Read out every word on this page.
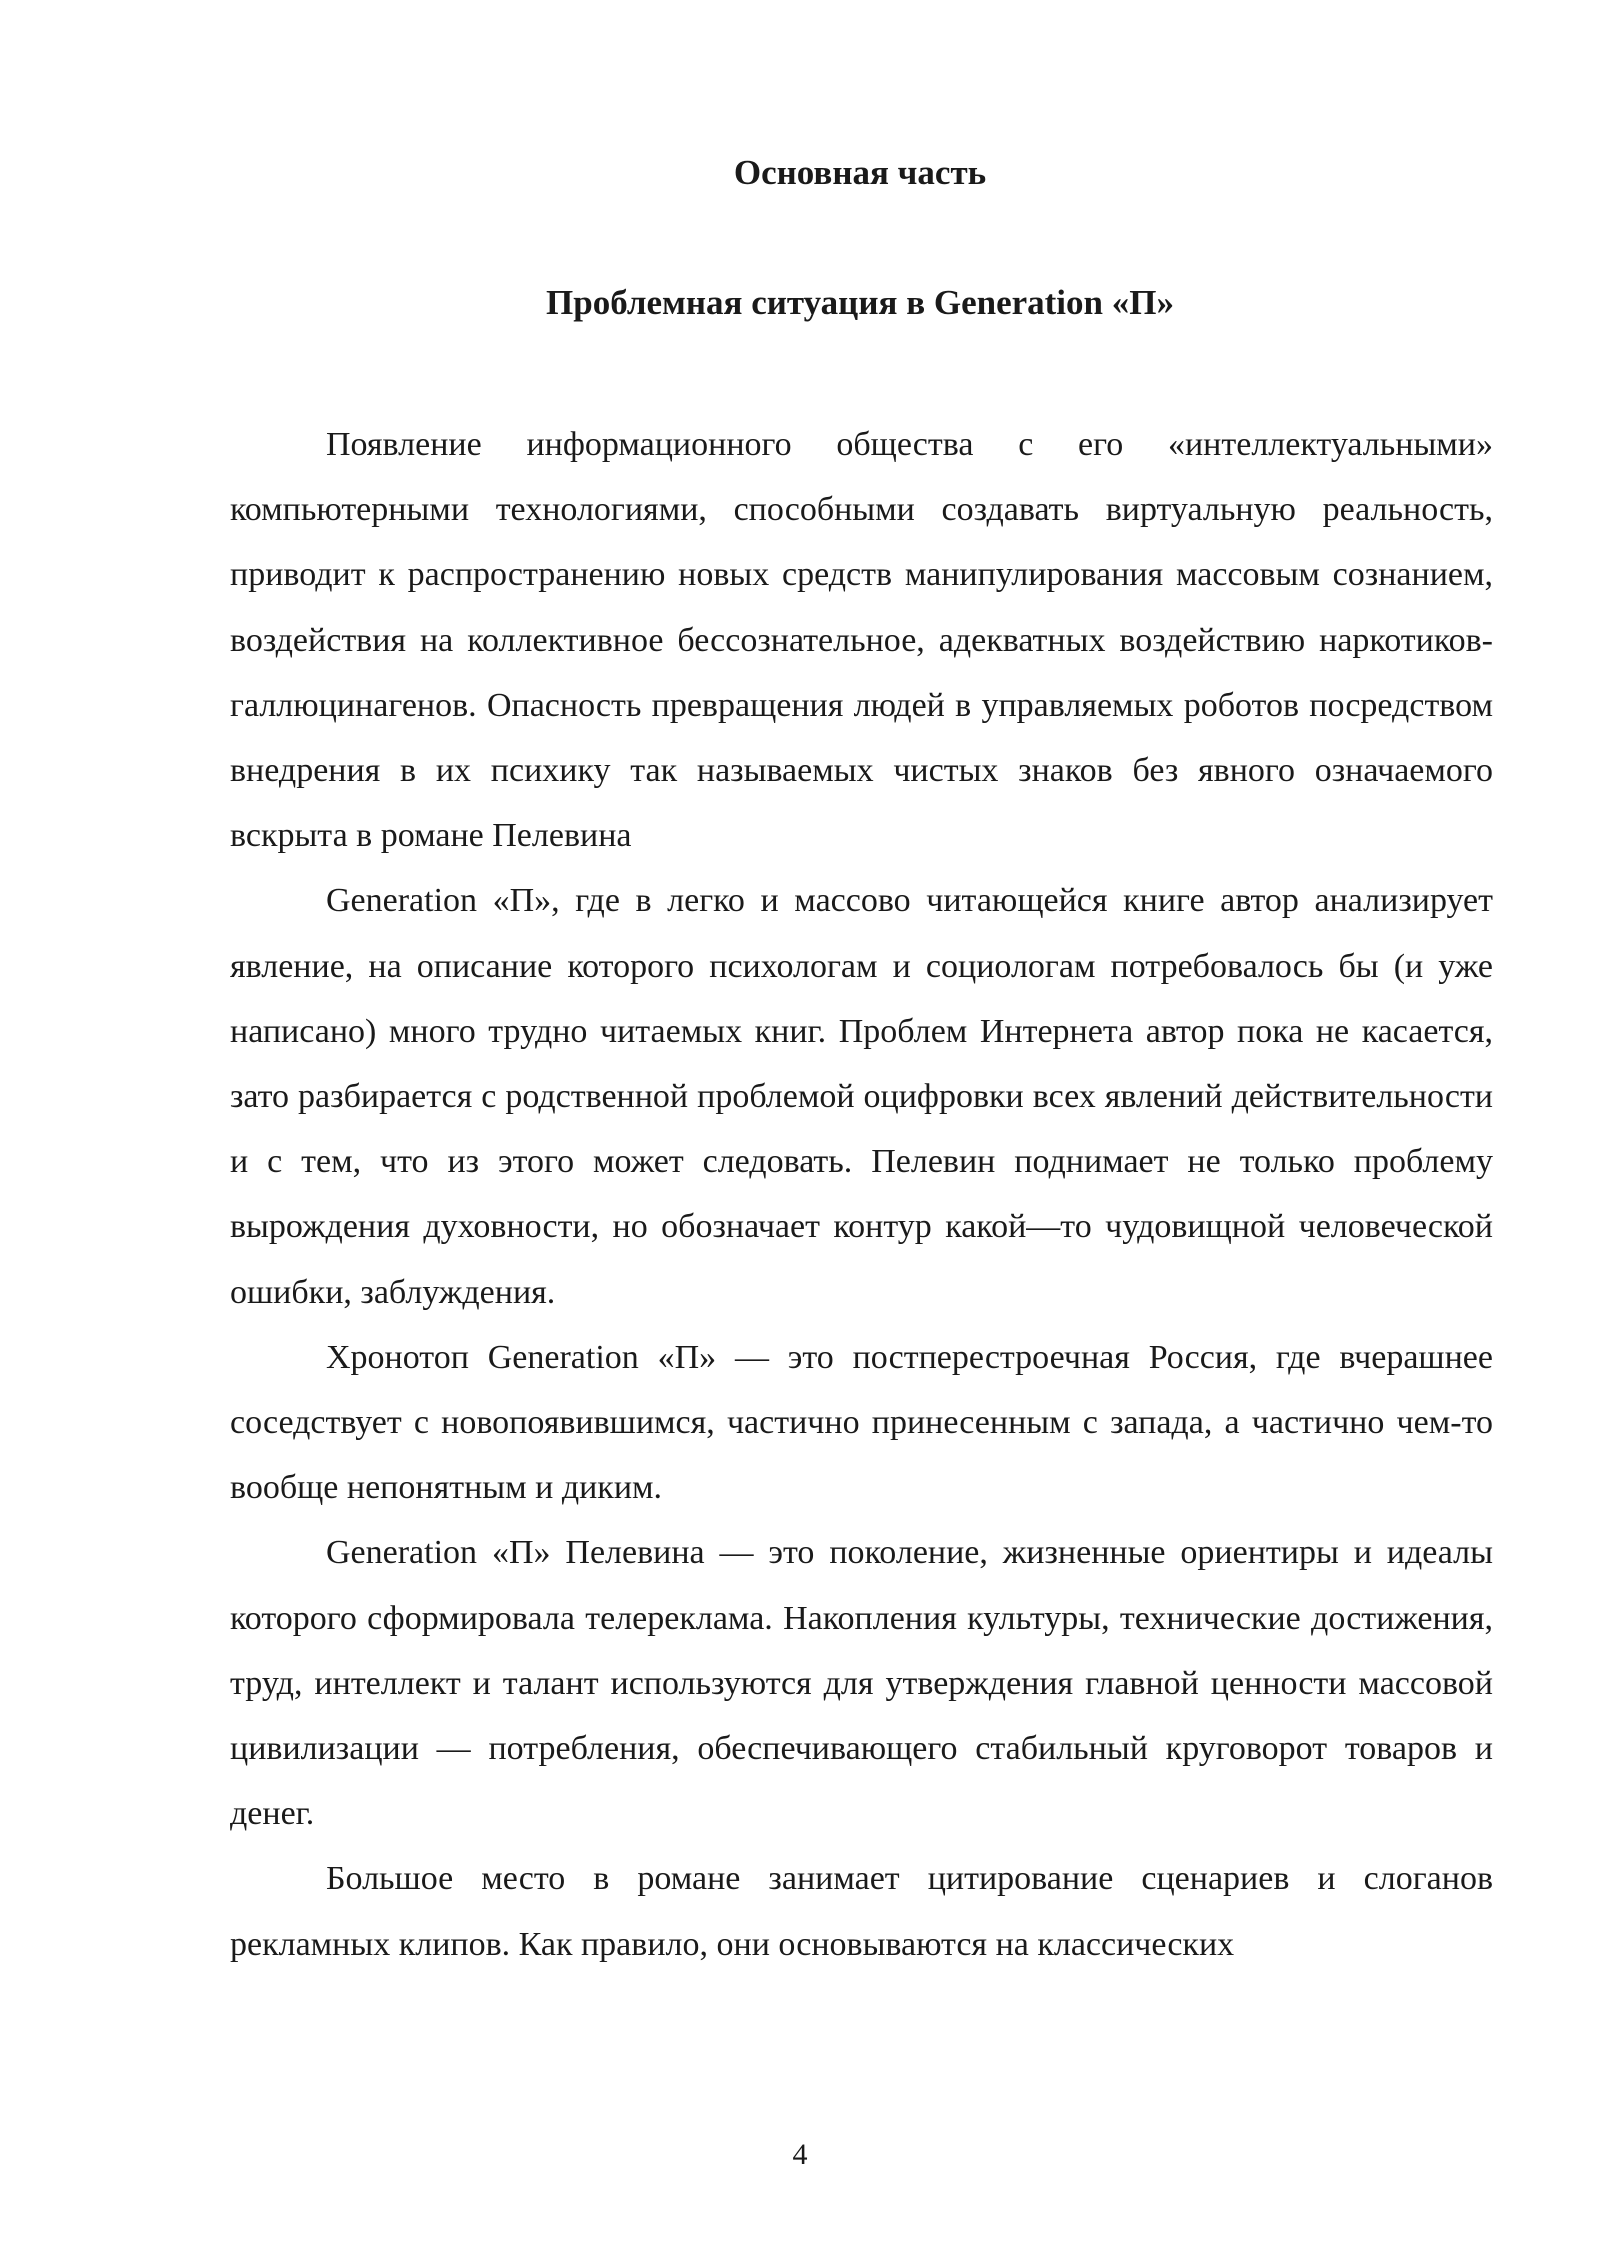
Основная часть
Проблемная ситуация в Generation «П»

Появление информационного общества с его «интеллектуальными» компьютерными технологиями, способными создавать виртуальную реальность, приводит к распространению новых средств манипулирования массовым сознанием, воздействия на коллективное бессознательное, адекватных воздействию наркотиков-галлюцинагенов. Опасность превращения людей в управляемых роботов посредством внедрения в их психику так называемых чистых знаков без явного означаемого вскрыта в романе Пелевина

Generation «П», где в легко и массово читающейся книге автор анализирует явление, на описание которого психологам и социологам потребовалось бы (и уже написано) много трудно читаемых книг. Проблем Интернета автор пока не касается, зато разбирается с родственной проблемой оцифровки всех явлений действительности и с тем, что из этого может следовать. Пелевин поднимает не только проблему вырождения духовности, но обозначает контур какой—то чудовищной человеческой ошибки, заблуждения.

Хронотоп Generation «П» — это постперестроечная Россия, где вчерашнее соседствует с новопоявившимся, частично принесенным с запада, а частично чем-то вообще непонятным и диким.

Generation «П» Пелевина — это поколение, жизненные ориентиры и идеалы которого сформировала телереклама. Накопления культуры, технические достижения, труд, интеллект и талант используются для утверждения главной ценности массовой цивилизации — потребления, обеспечивающего стабильный круговорот товаров и денег.

Большое место в романе занимает цитирование сценариев и слоганов рекламных клипов. Как правило, они основываются на классических

4
